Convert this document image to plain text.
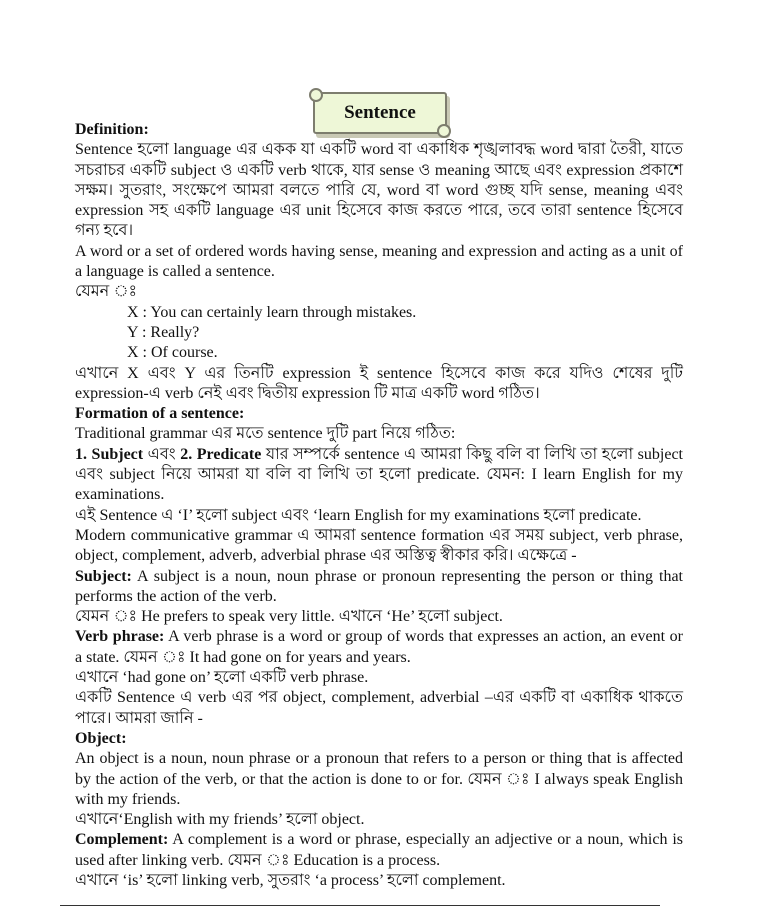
Sentence

Definition:

Sentence হলো language এর একক যা একটি word বা একাধিক শৃঙ্খলাবদ্ধ word দ্বারা তৈরী, যাতে সচরাচর একটি subject ও একটি verb থাকে, যার sense ও meaning আছে এবং expression প্রকাশে সক্ষম। সুতরাং, সংক্ষেপে আমরা বলতে পারি যে, word বা word গুচ্ছ যদি sense, meaning এবং expression সহ একটি language এর unit হিসেবে কাজ করতে পারে, তবে তারা sentence হিসেবে গন্য হবে।

A word or a set of ordered words having sense, meaning and expression and acting as a unit of a language is called a sentence.

যেমন ঃ

X : You can certainly learn through mistakes.

Y : Really?

X : Of course.

এখানে X এবং Y এর তিনটি expression ই sentence হিসেবে কাজ করে যদিও শেষের দুটি expression-এ verb নেই এবং দ্বিতীয় expression টি মাত্র একটি word গঠিত।

Formation of a sentence:

Traditional grammar এর মতে sentence দুটি part নিয়ে গঠিত:

1. Subject এবং 2. Predicate যার সম্পর্কে sentence এ আমরা কিছু বলি বা লিখি তা হলো subject এবং subject নিয়ে আমরা যা বলি বা লিখি তা হলো predicate. যেমন: I learn English for my examinations.

এই Sentence এ ‘I’ হলো subject এবং ‘learn English for my examinations হলো predicate.

Modern communicative grammar এ আমরা sentence formation এর সময় subject, verb phrase, object, complement, adverb, adverbial phrase এর অস্তিত্ব স্বীকার করি। এক্ষেত্রে -

Subject: A subject is a noun, noun phrase or pronoun representing the person or thing that performs the action of the verb.

যেমন ঃ He prefers to speak very little. এখানে ‘He’ হলো subject.

Verb phrase: A verb phrase is a word or group of words that expresses an action, an event or a state. যেমন ঃ It had gone on for years and years.

এখানে ‘had gone on’ হলো একটি verb phrase.

একটি Sentence এ verb এর পর object, complement, adverbial –এর একটি বা একাধিক থাকতে পারে। আমরা জানি -

Object:

An object is a noun, noun phrase or a pronoun that refers to a person or thing that is affected by the action of the verb, or that the action is done to or for. যেমন ঃ I always speak English with my friends.

এখানে‘English with my friends’ হলো object.

Complement: A complement is a word or phrase, especially an adjective or a noun, which is used after linking verb. যেমন ঃ Education is a process.

এখানে ‘is’ হলো linking verb, সুতরাং ‘a process’ হলো complement.
